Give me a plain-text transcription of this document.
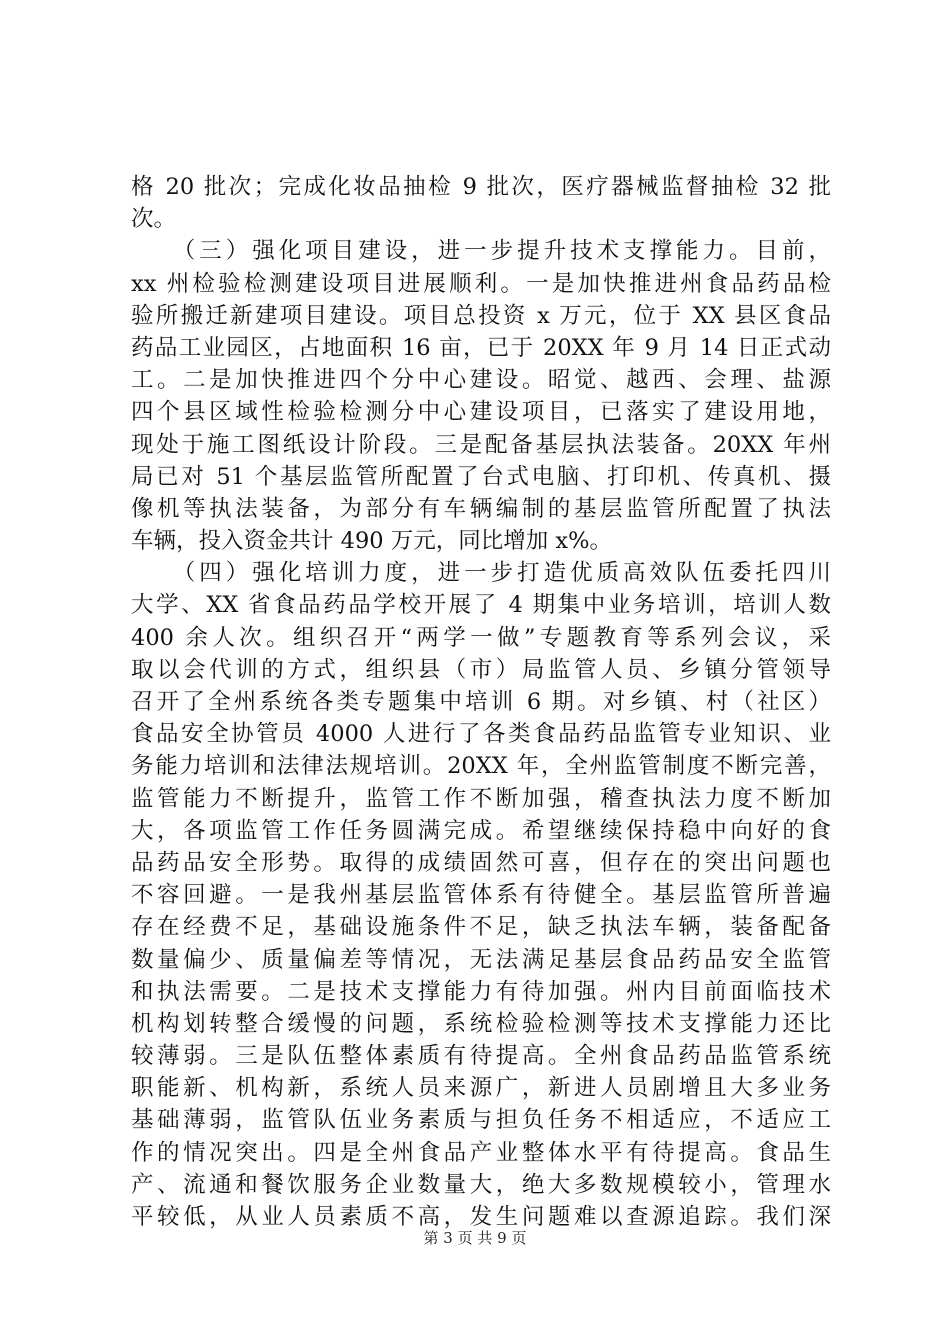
格 20 批次；完成化妆品抽检 9 批次，医疗器械监督抽检 32 批
次。
　　（三）强化项目建设，进一步提升技术支撑能力。目前，
xx 州检验检测建设项目进展顺利。一是加快推进州食品药品检
验所搬迁新建项目建设。项目总投资 x 万元，位于 XX 县区食品
药品工业园区，占地面积 16 亩，已于 20XX 年 9 月 14 日正式动
工。二是加快推进四个分中心建设。昭觉、越西、会理、盐源
四个县区域性检验检测分中心建设项目，已落实了建设用地，
现处于施工图纸设计阶段。三是配备基层执法装备。20XX 年州
局已对 51 个基层监管所配置了台式电脑、打印机、传真机、摄
像机等执法装备，为部分有车辆编制的基层监管所配置了执法
车辆，投入资金共计 490 万元，同比增加 x%。
　　（四）强化培训力度，进一步打造优质高效队伍委托四川
大学、XX 省食品药品学校开展了 4 期集中业务培训，培训人数
400 余人次。组织召开“两学一做”专题教育等系列会议，采
取以会代训的方式，组织县（市）局监管人员、乡镇分管领导
召开了全州系统各类专题集中培训 6 期。对乡镇、村（社区）
食品安全协管员 4000 人进行了各类食品药品监管专业知识、业
务能力培训和法律法规培训。20XX 年，全州监管制度不断完善，
监管能力不断提升，监管工作不断加强，稽查执法力度不断加
大，各项监管工作任务圆满完成。希望继续保持稳中向好的食
品药品安全形势。取得的成绩固然可喜，但存在的突出问题也
不容回避。一是我州基层监管体系有待健全。基层监管所普遍
存在经费不足，基础设施条件不足，缺乏执法车辆，装备配备
数量偏少、质量偏差等情况，无法满足基层食品药品安全监管
和执法需要。二是技术支撑能力有待加强。州内目前面临技术
机构划转整合缓慢的问题，系统检验检测等技术支撑能力还比
较薄弱。三是队伍整体素质有待提高。全州食品药品监管系统
职能新、机构新，系统人员来源广，新进人员剧增且大多业务
基础薄弱，监管队伍业务素质与担负任务不相适应，不适应工
作的情况突出。四是全州食品产业整体水平有待提高。食品生
产、流通和餐饮服务企业数量大，绝大多数规模较小，管理水
平较低，从业人员素质不高，发生问题难以查源追踪。我们深
第 3 页 共 9 页
